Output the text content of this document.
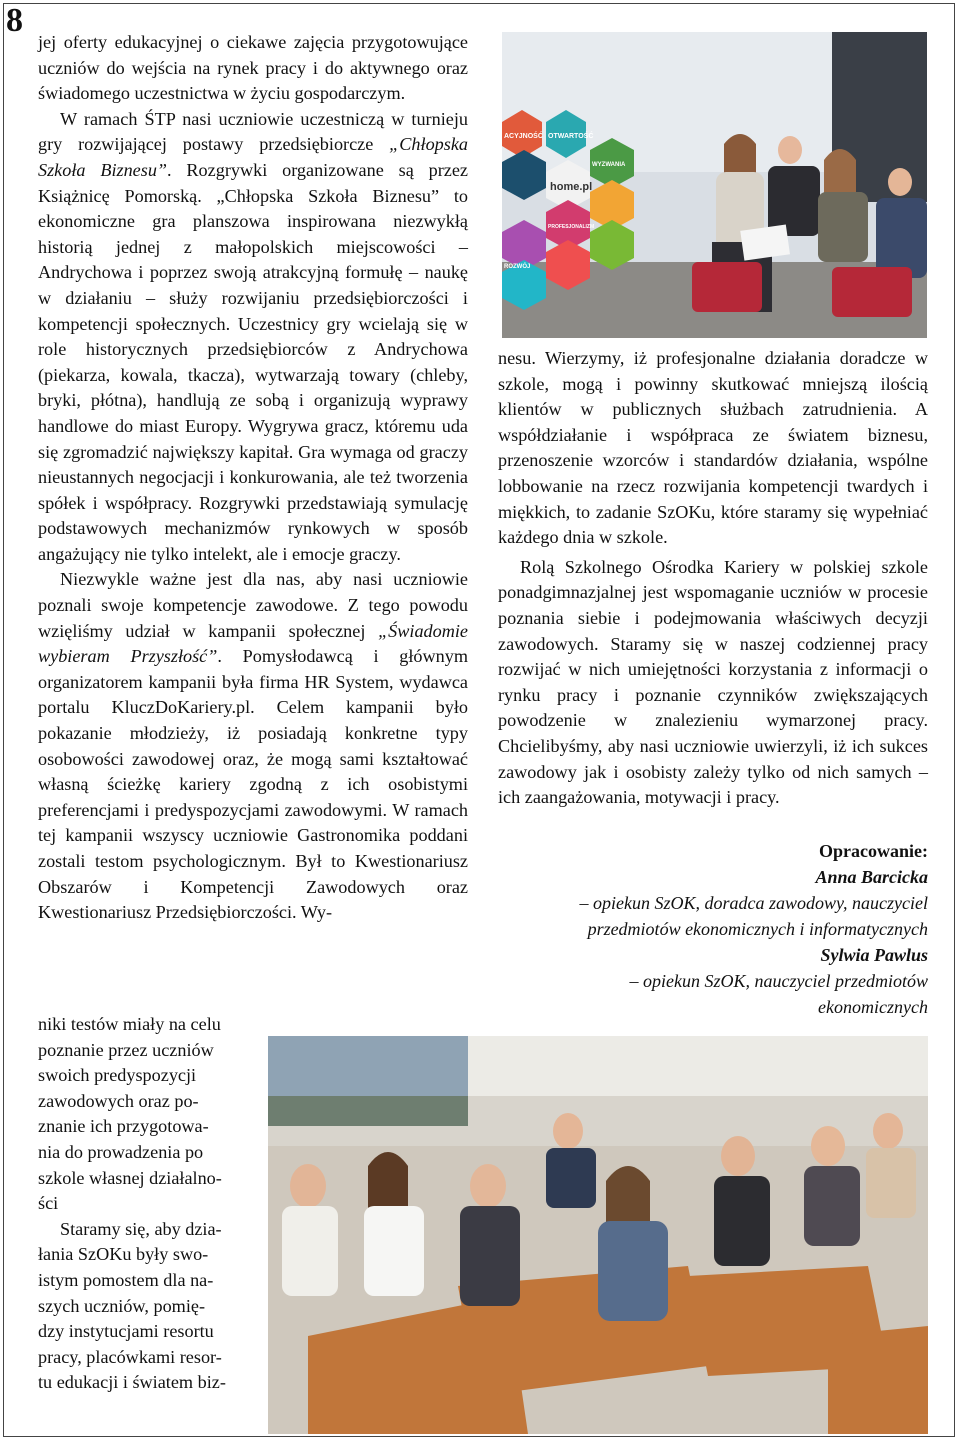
8

jej oferty edukacyjnej o ciekawe zajęcia przygotowujące uczniów do wejścia na rynek pracy i do aktywnego oraz świadomego uczestnictwa w życiu gospodarczym.

W ramach ŚTP nasi uczniowie uczestniczą w turnieju gry rozwijającej postawy przedsiębiorcze „Chłopska Szkoła Biznesu”. Rozgrywki organizowane są przez Książnicę Pomorską. „Chłopska Szkoła Biznesu” to ekonomiczne gra planszowa inspirowana niezwykłą historią jednej z małopolskich miejscowości – Andrychowa i poprzez swoją atrakcyjną formułę – naukę w działaniu – służy rozwijaniu przedsiębiorczości i kompetencji społecznych. Uczestnicy gry wcielają się w role historycznych przedsiębiorców z Andrychowa (piekarza, kowala, tkacza), wytwarzają towary (chleby, bryki, płótna), handlują ze sobą i organizują wyprawy handlowe do miast Europy. Wygrywa gracz, któremu uda się zgromadzić największy kapitał. Gra wymaga od graczy nieustannych negocjacji i konkurowania, ale też tworzenia spółek i współpracy. Rozgrywki przedstawiają symulację podstawowych mechanizmów rynkowych w sposób angażujący nie tylko intelekt, ale i emocje graczy.

Niezwykle ważne jest dla nas, aby nasi uczniowie poznali swoje kompetencje zawodowe. Z tego powodu wzięliśmy udział w kampanii społecznej „Świadomie wybieram Przyszłość”. Pomysłodawcą i głównym organizatorem kampanii była firma HR System, wydawca portalu KluczDoKariery.pl. Celem kampanii było pokazanie młodzieży, iż posiadają konkretne typy osobowości zawodowej oraz, że mogą sami kształtować własną ścieżkę kariery zgodną z ich osobistymi preferencjami i predyspozycjami zawodowymi. W ramach tej kampanii wszyscy uczniowie Gastronomika poddani zostali testom psychologicznym. Był to Kwestionariusz Obszarów i Kompetencji Zawodowych oraz Kwestionariusz Przedsiębiorczości. Wy-

niki testów miały na celu

poznanie przez uczniów

swoich predyspozycji

zawodowych oraz po-

znanie ich przygotowa-

nia do prowadzenia po

szkole własnej działalno-

ści

Staramy się, aby dzia-

łania SzOKu były swo-

istym pomostem dla na-

szych uczniów, pomię-

dzy instytucjami resortu

pracy, placówkami resor-

tu edukacji i światem biz-

ACYJNOŚĆ OTWARTOŚĆ
home.pl
WYZWANIA
PROFESJONALIZM
ROZWÓJ

nesu. Wierzymy, iż profesjonalne działania doradcze w szkole, mogą i powinny skutkować mniejszą ilością klientów w publicznych służbach zatrudnienia. A współdziałanie i współpraca ze światem biznesu, przenoszenie wzorców i standardów działania, wspólne lobbowanie na rzecz rozwijania kompetencji twardych i miękkich, to zadanie SzOKu, które staramy się wypełniać każdego dnia w szkole.

Rolą Szkolnego Ośrodka Kariery w polskiej szkole ponadgimnazjalnej jest wspomaganie uczniów w procesie poznania siebie i podejmowania właściwych decyzji zawodowych. Staramy się w naszej codziennej pracy rozwijać w nich umiejętności korzystania z informacji o rynku pracy i poznanie czynników zwiększających powodzenie w znalezieniu wymarzonej pracy. Chcielibyśmy, aby nasi uczniowie uwierzyli, iż ich sukces zawodowy jak i osobisty zależy tylko od nich samych – ich zaangażowania, motywacji i pracy.

Opracowanie:
Anna Barcicka
– opiekun SzOK, doradca zawodowy, nauczyciel
przedmiotów ekonomicznych i informatycznych
Sylwia Pawlus
– opiekun SzOK, nauczyciel przedmiotów
ekonomicznych
